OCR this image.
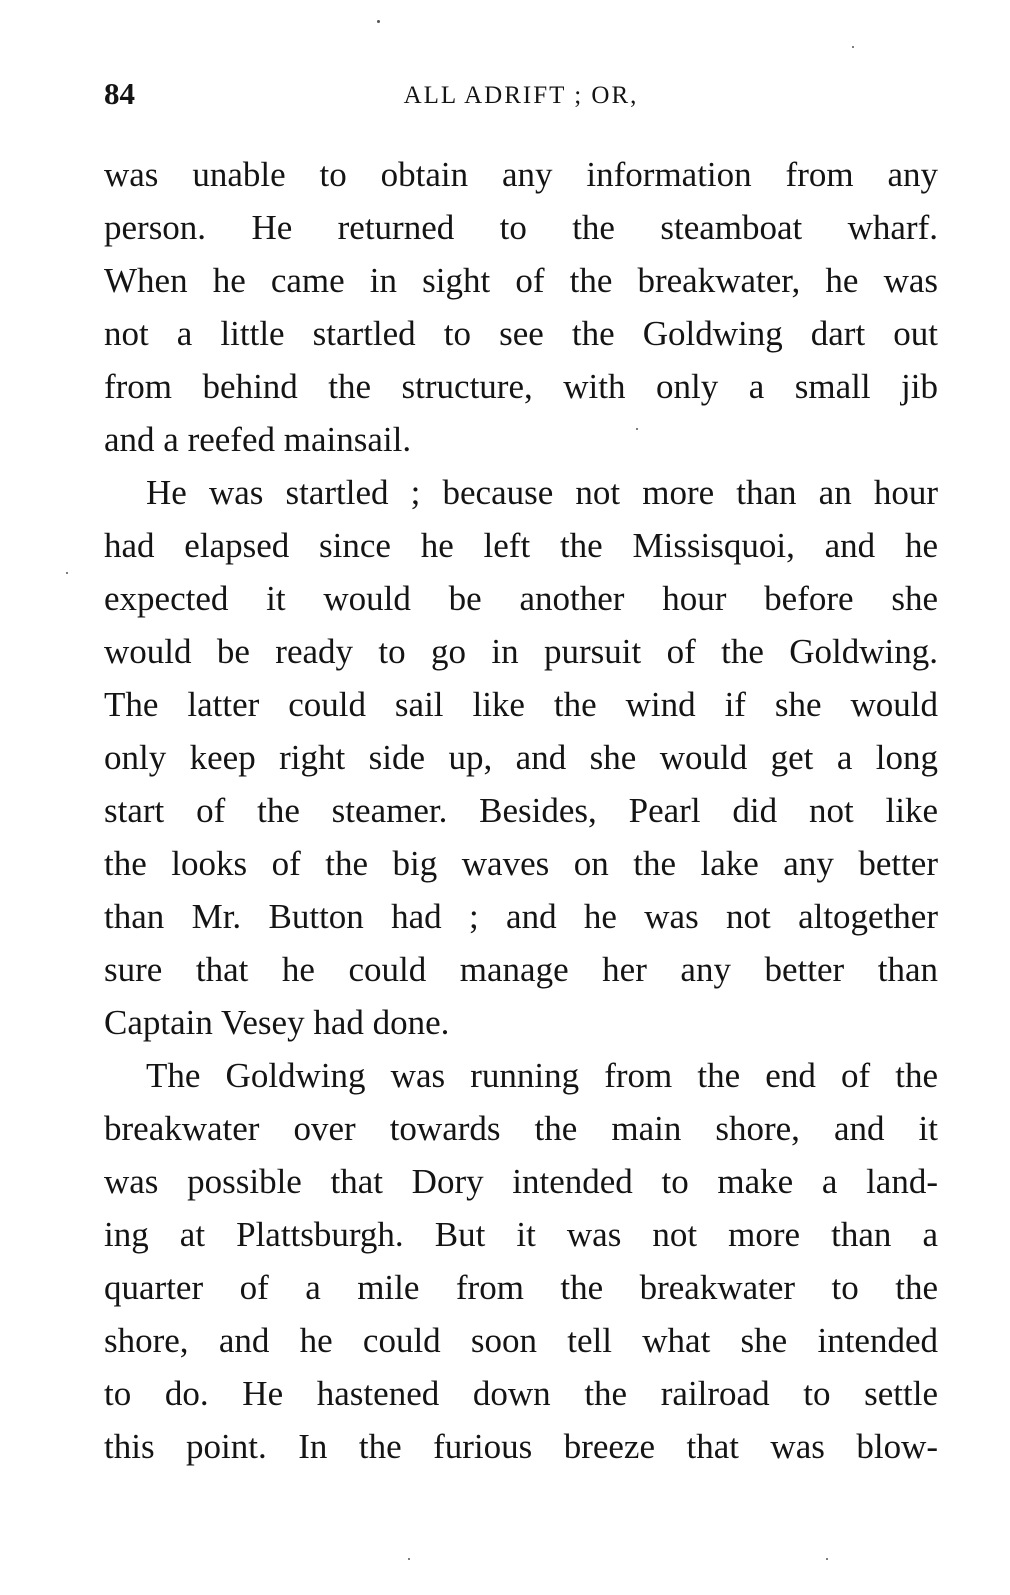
84	ALL ADRIFT ; OR,
was unable to obtain any information from any
person. He returned to the steamboat wharf.
When he came in sight of the breakwater, he was
not a little startled to see the Goldwing dart out
from behind the structure, with only a small jib
and a reefed mainsail.
He was startled ; because not more than an hour
had elapsed since he left the Missisquoi, and he
expected it would be another hour before she
would be ready to go in pursuit of the Goldwing.
The latter could sail like the wind if she would
only keep right side up, and she would get a long
start of the steamer. Besides, Pearl did not like
the looks of the big waves on the lake any better
than Mr. Button had ; and he was not altogether
sure that he could manage her any better than
Captain Vesey had done.
The Goldwing was running from the end of the
breakwater over towards the main shore, and it
was possible that Dory intended to make a land-
ing at Plattsburgh. But it was not more than a
quarter of a mile from the breakwater to the
shore, and he could soon tell what she intended
to do. He hastened down the railroad to settle
this point. In the furious breeze that was blow-
